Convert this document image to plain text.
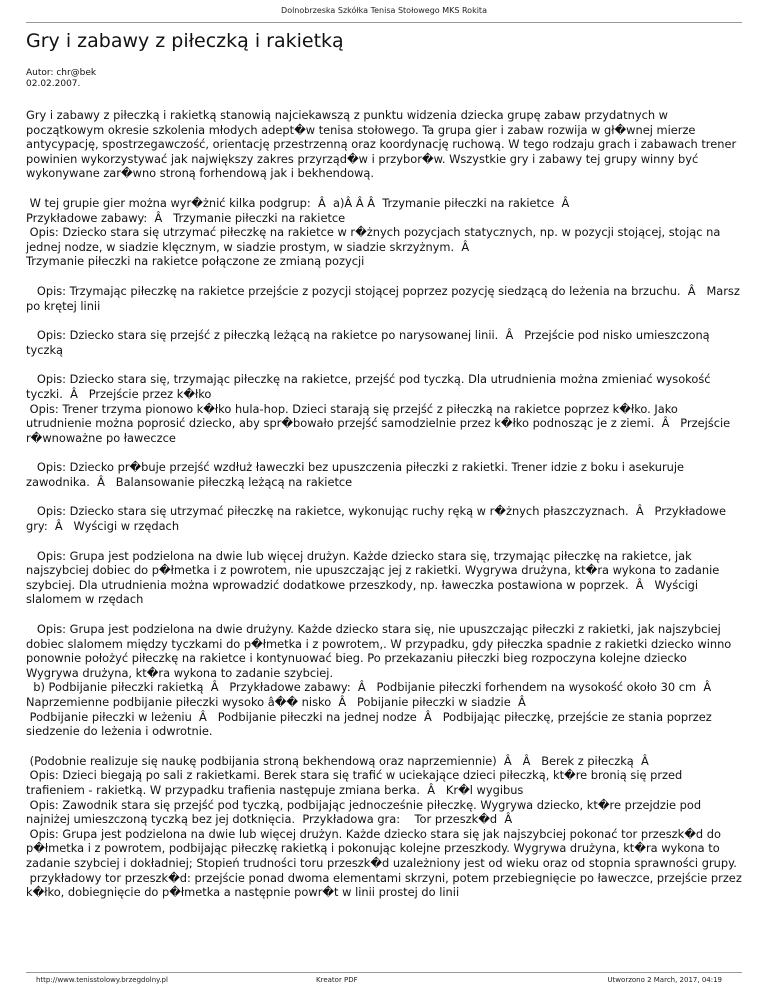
Dolnobrzeska Szkółka Tenisa Stołowego MKS Rokita
Gry i zabawy z piłeczką i rakietką
Autor: chr@bek
02.02.2007.

Gry i zabawy z piłeczką i rakietką stanowią najciekawszą z punktu widzenia dziecka grupę zabaw przydatnych w początkowym okresie szkolenia młodych adept�w tenisa stołowego. Ta grupa gier i zabaw rozwija w gł�wnej mierze antycypację, spostrzegawczość, orientację przestrzenną oraz koordynację ruchową. W tego rodzaju grach i zabawach trener powinien wykorzystywać jak największy zakres przyrząd�w i przybor�w. Wszystkie gry i zabawy tej grupy winny być wykonywane zar�wno stroną forhendową jak i bekhendową.

W tej grupie gier można wyr�żnić kilka podgrup:  Â  a)Â Â Â  Trzymanie piłeczki na rakietce  Â
Przykładowe zabawy:  Â   Trzymanie piłeczki na rakietce
Opis: Dziecko stara się utrzymać piłeczkę na rakietce w r�żnych pozycjach statycznych, np. w pozycji stojącej, stojąc na jednej nodze, w siadzie klęcznym, w siadzie prostym, w siadzie skrzyżnym.  Â
Trzymanie piłeczki na rakietce połączone ze zmianą pozycji

Opis: Trzymając piłeczkę na rakietce przejście z pozycji stojącej poprzez pozycję siedzącą do leżenia na brzuchu.  Â   Marsz po krętej linii

Opis: Dziecko stara się przejść z piłeczką leżącą na rakietce po narysowanej linii.  Â   Przejście pod nisko umieszczoną tyczką

Opis: Dziecko stara się, trzymając piłeczkę na rakietce, przejść pod tyczką. Dla utrudnienia można zmieniać wysokość tyczki.  Â   Przejście przez k�łko
Opis: Trener trzyma pionowo k�łko hula-hop. Dzieci starają się przejść z piłeczką na rakietce poprzez k�łko. Jako utrudnienie można poprosić dziecko, aby spr�bowało przejść samodzielnie przez k�łko podnosząc je z ziemi.  Â   Przejście r�wnoważne po ławeczce

Opis: Dziecko pr�buje przejść wzdłuż ławeczki bez upuszczenia piłeczki z rakietki. Trener idzie z boku i asekuruje zawodnika.  Â   Balansowanie piłeczką leżącą na rakietce

Opis: Dziecko stara się utrzymać piłeczkę na rakietce, wykonując ruchy ręką w r�żnych płaszczyznach.  Â   Przykładowe gry:  Â   Wyścigi w rzędach

Opis: Grupa jest podzielona na dwie lub więcej drużyn. Każde dziecko stara się, trzymając piłeczkę na rakietce, jak najszybciej dobiec do p�łmetka i z powrotem, nie upuszczając jej z rakietki. Wygrywa drużyna, kt�ra wykona to zadanie szybciej. Dla utrudnienia można wprowadzić dodatkowe przeszkody, np. ławeczka postawiona w poprzek.  Â   Wyścigi slalomem w rzędach

Opis: Grupa jest podzielona na dwie drużyny. Każde dziecko stara się, nie upuszczając piłeczki z rakietki, jak najszybciej dobiec slalomem między tyczkami do p�łmetka i z powrotem,. W przypadku, gdy piłeczka spadnie z rakietki dziecko winno ponownie położyć piłeczkę na rakietce i kontynuować bieg. Po przekazaniu piłeczki bieg rozpoczyna kolejne dziecko Wygrywa drużyna, kt�ra wykona to zadanie szybciej.
b) Podbijanie piłeczki rakietką  Â   Przykładowe zabawy:  Â   Podbijanie piłeczki forhendem na wysokość około 30 cm  Â   Naprzemienne podbijanie piłeczki wysoko â�� nisko  Â   Pobijanie piłeczki w siadzie  Â
Podbijanie piłeczki w leżeniu  Â   Podbijanie piłeczki na jednej nodze  Â   Podbijając piłeczkę, przejście ze stania poprzez siedzenie do leżenia i odwrotnie.

(Podobnie realizuje się naukę podbijania stroną bekhendową oraz naprzemiennie)  Â   Â   Berek z piłeczką  Â
Opis: Dzieci biegają po sali z rakietkami. Berek stara się trafić w uciekające dzieci piłeczką, kt�re bronią się przed trafieniem - rakietką. W przypadku trafienia następuje zmiana berka.  Â   Kr�l wygibus
Opis: Zawodnik stara się przejść pod tyczką, podbijając jednocześnie piłeczkę. Wygrywa dziecko, kt�re przejdzie pod najniżej umieszczoną tyczką bez jej dotknięcia.  Przykładowa gra:    Tor przeszk�d  Â
Opis: Grupa jest podzielona na dwie lub więcej drużyn. Każde dziecko stara się jak najszybciej pokonać tor przeszk�d do p�łmetka i z powrotem, podbijając piłeczkę rakietką i pokonując kolejne przeszkody. Wygrywa drużyna, kt�ra wykona to zadanie szybciej i dokładniej; Stopień trudności toru przeszk�d uzależniony jest od wieku oraz od stopnia sprawności grupy.
przykładowy tor przeszk�d: przejście ponad dwoma elementami skrzyni, potem przebiegnięcie po ławeczce, przejście przez k�łko, dobiegnięcie do p�łmetka a następnie powr�t w linii prostej do linii

http://www.tenisstolowy.brzegdolny.pl	Kreator PDF	Utworzono 2 March, 2017, 04:19
